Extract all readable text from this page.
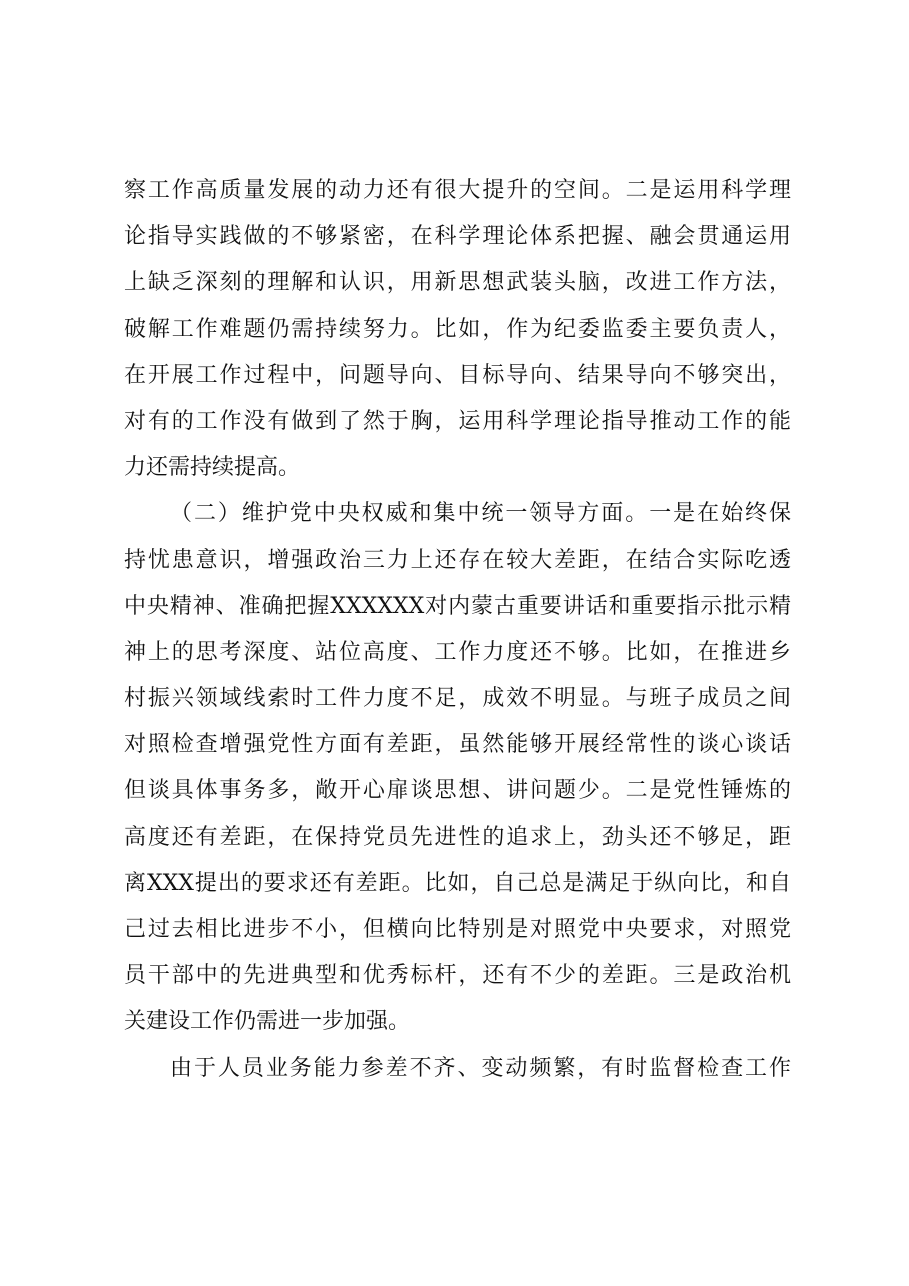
察工作高质量发展的动力还有很大提升的空间。二是运用科学理
论指导实践做的不够紧密，在科学理论体系把握、融会贯通运用
上缺乏深刻的理解和认识，用新思想武装头脑，改进工作方法，
破解工作难题仍需持续努力。比如，作为纪委监委主要负责人，
在开展工作过程中，问题导向、目标导向、结果导向不够突出，
对有的工作没有做到了然于胸，运用科学理论指导推动工作的能
力还需持续提高。
（二）维护党中央权威和集中统一领导方面。一是在始终保
持忧患意识，增强政治三力上还存在较大差距，在结合实际吃透
中央精神、准确把握XXXXXX对内蒙古重要讲话和重要指示批示精
神上的思考深度、站位高度、工作力度还不够。比如，在推进乡
村振兴领域线索时工件力度不足，成效不明显。与班子成员之间
对照检查增强党性方面有差距，虽然能够开展经常性的谈心谈话
但谈具体事务多，敞开心扉谈思想、讲问题少。二是党性锤炼的
高度还有差距，在保持党员先进性的追求上，劲头还不够足，距
离XXX提出的要求还有差距。比如，自己总是满足于纵向比，和自
己过去相比进步不小，但横向比特别是对照党中央要求，对照党
员干部中的先进典型和优秀标杆，还有不少的差距。三是政治机
关建设工作仍需进一步加强。
由于人员业务能力参差不齐、变动频繁，有时监督检查工作
